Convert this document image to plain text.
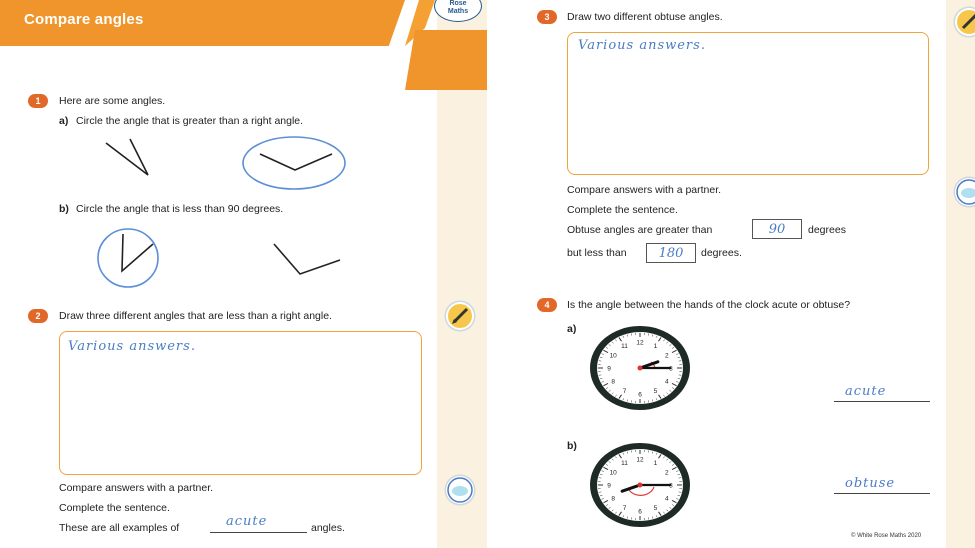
Compare angles
Rose
Maths
1	Here are some angles.
a) Circle the angle that is greater than a right angle.
b) Circle the angle that is less than 90 degrees.
2	Draw three different angles that are less than a right angle.
Various answers.
Compare answers with a partner.
Complete the sentence.
These are all examples of	acute	angles.
3	Draw two different obtuse angles.
Various answers.
Compare answers with a partner.
Complete the sentence.
Obtuse angles are greater than	90	degrees
but less than	180	degrees.
4	Is the angle between the hands of the clock acute or obtuse?
a)
b)
1
2
3
4
5
6
7
8
9
10
11 12
acute
1
2
3
4
5
6
7
8
9
10
11 12
obtuse
© White Rose Maths 2020
